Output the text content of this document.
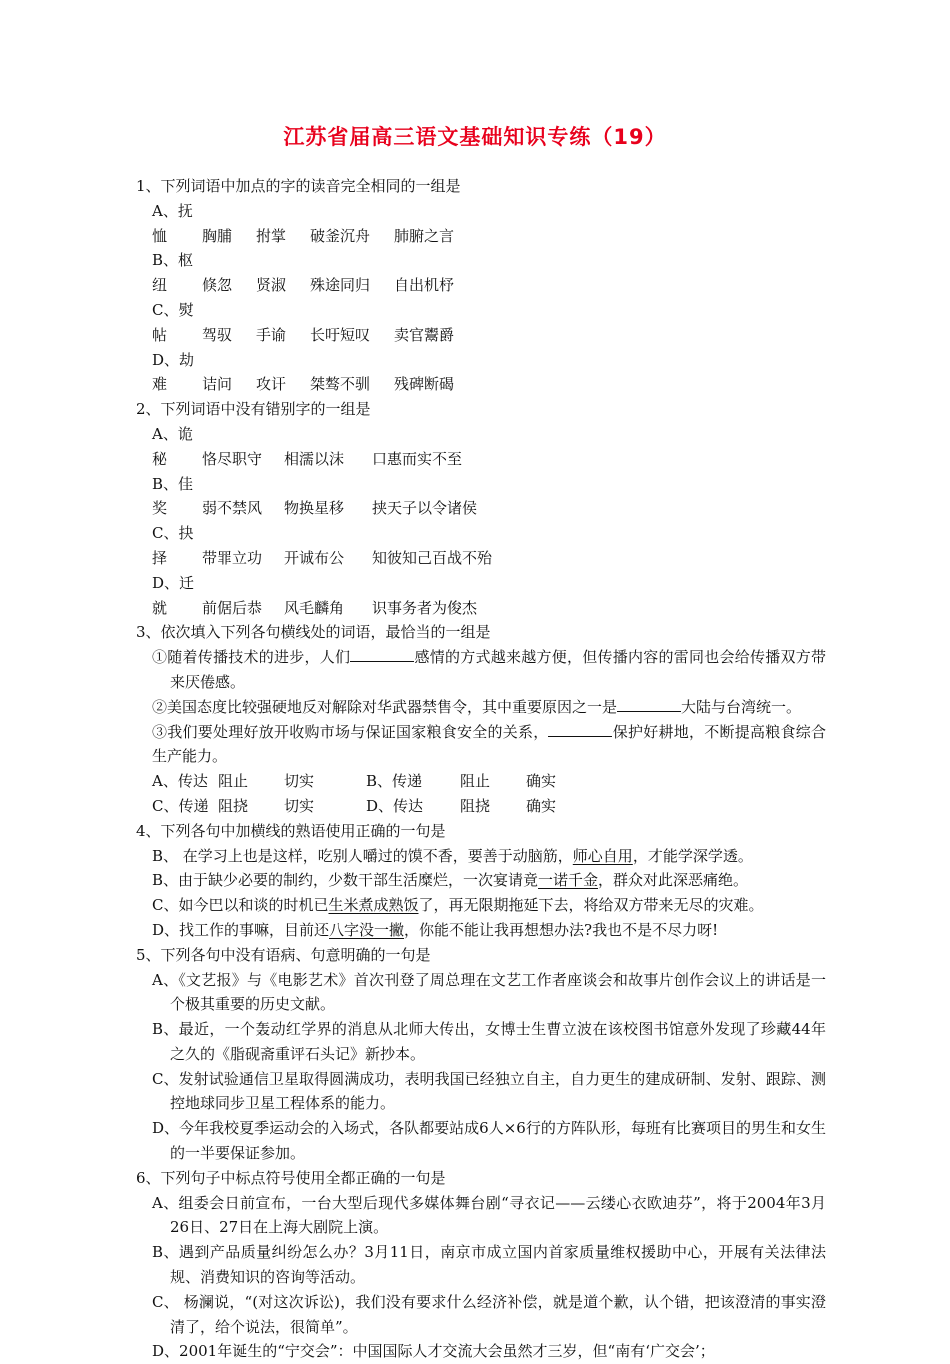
江苏省届高三语文基础知识专练（19）

1、下列词语中加点的字的读音完全相同的一组是

A、抚恤 胸脯 拊掌 破釜沉舟 肺腑之言

B、枢纽 倏忽 贤淑 殊途同归 自出机杼

C、熨帖 驾驭 手谕 长吁短叹 卖官鬻爵

D、劫难 诘问 攻讦 桀骜不驯 残碑断碣

2、下列词语中没有错别字的一组是

A、诡秘 恪尽职守 相濡以沫 口惠而实不至

B、佳奖 弱不禁风 物换星移 挟天子以令诸侯

C、抉择 带罪立功 开诚布公 知彼知己百战不殆

D、迁就 前倨后恭 风毛麟角 识事务者为俊杰

3、依次填入下列各句横线处的词语，最恰当的一组是

①随着传播技术的进步，人们	感情的方式越来越方便，但传播内容的雷同也会给传播双方带来厌倦感。

②美国态度比较强硬地反对解除对华武器禁售令，其中重要原因之一是	大陆与台湾统一。

③我们要处理好放开收购市场与保证国家粮食安全的关系，	保护好耕地，不断提高粮食综合生产能力。

A、传达 阻止 切实	B、传递	阻止 确实

C、传递 阻挠 切实	D、传达 阻挠 确实

4、下列各句中加横线的熟语使用正确的一句是

B、 在学习上也是这样，吃别人嚼过的馍不香，要善于动脑筋，师心自用，才能学深学透。

B、由于缺少必要的制约，少数干部生活糜烂，一次宴请竟一诺千金，群众对此深恶痛绝。

C、如今巴以和谈的时机已生米煮成熟饭了，再无限期拖延下去，将给双方带来无尽的灾难。

D、找工作的事嘛，目前还八字没一撇，你能不能让我再想想办法?我也不是不尽力呀!

5、下列各句中没有语病、句意明确的一句是

A、《文艺报》与《电影艺术》首次刊登了周总理在文艺工作者座谈会和故事片创作会议上的讲话是一个极其重要的历史文献。

B、最近，一个轰动红学界的消息从北师大传出，女博士生曹立波在该校图书馆意外发现了珍藏44年之久的《脂砚斋重评石头记》新抄本。

C、发射试验通信卫星取得圆满成功，表明我国已经独立自主，自力更生的建成研制、发射、跟踪、测控地球同步卫星工程体系的能力。

D、今年我校夏季运动会的入场式，各队都要站成6人×6行的方阵队形，每班有比赛项目的男生和女生的一半要保证参加。

6、下列句子中标点符号使用全都正确的一句是

A、组委会日前宣布，一台大型后现代多媒体舞台剧“寻衣记——云缕心衣欧迪芬”，将于2004年3月26日、27日在上海大剧院上演。

B、遇到产品质量纠纷怎么办？3月11日，南京市成立国内首家质量维权援助中心，开展有关法律法规、消费知识的咨询等活动。

C、 杨澜说，“(对这次诉讼)，我们没有要求什么经济补偿，就是道个歉，认个错，把该澄清的事实澄清了，给个说法，很简单”。

D、2001年诞生的“宁交会”：中国国际人才交流大会虽然才三岁，但“南有‘广交会’；
